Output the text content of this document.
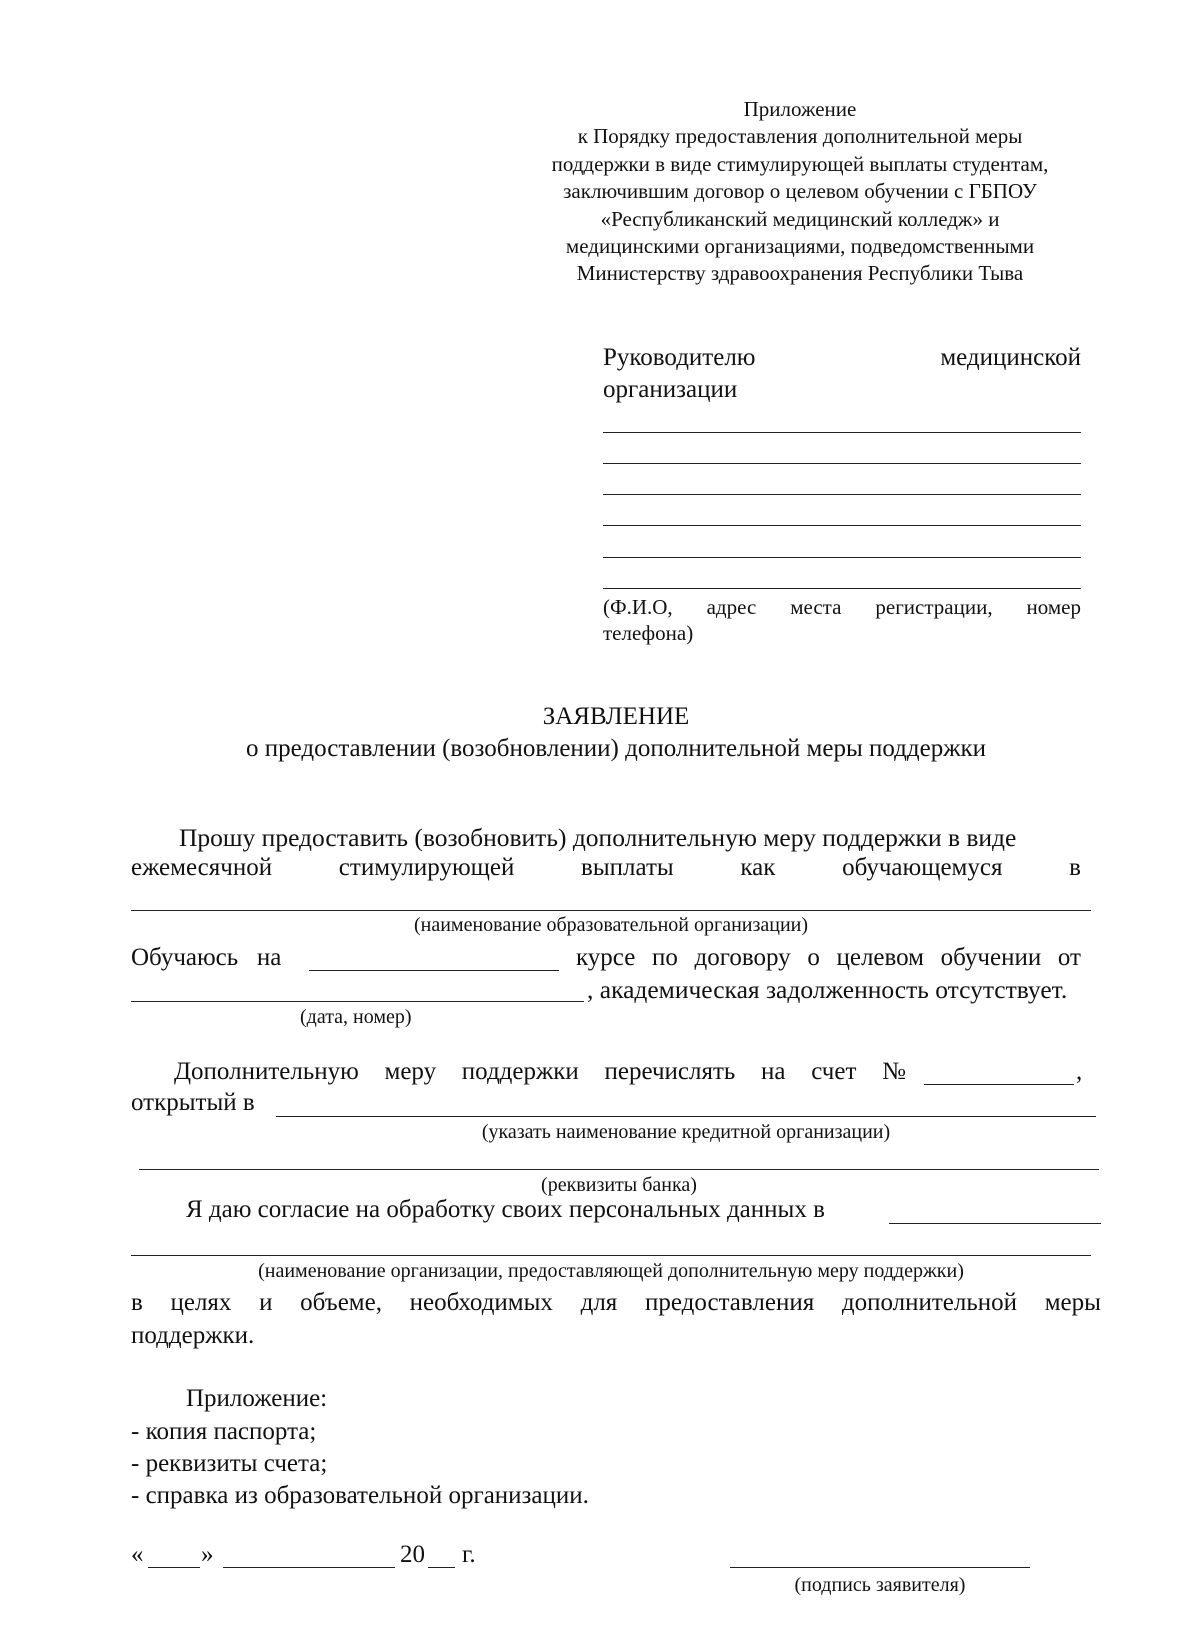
Приложение
к Порядку предоставления дополнительной меры
поддержки в виде стимулирующей выплаты студентам,
заключившим договор о целевом обучении с ГБПОУ
«Республиканский медицинский колледж» и
медицинскими организациями, подведомственными
Министерству здравоохранения Республики Тыва
Руководителю	медицинской
организации
(Ф.И.О, адрес места регистрации, номер
телефона)
ЗАЯВЛЕНИЕ
о предоставлении (возобновлении) дополнительной меры поддержки
Прошу предоставить (возобновить) дополнительную меру поддержки в виде
ежемесячной	стимулирующей	выплаты	как	обучающемуся	в
(наименование образовательной организации)
Обучаюсь на	курсе по договору о целевом обучении от
, академическая задолженность отсутствует.
(дата, номер)
Дополнительную меру поддержки перечислять на счет №	,
открытый в
(указать наименование кредитной организации)
(реквизиты банка)
Я даю согласие на обработку своих персональных данных в
(наименование организации, предоставляющей дополнительную меру поддержки)
в целях и объеме, необходимых для предоставления дополнительной меры
поддержки.
Приложение:
- копия паспорта;
- реквизиты счета;
- справка из образовательной организации.
« »	20 г.
(подпись заявителя)
